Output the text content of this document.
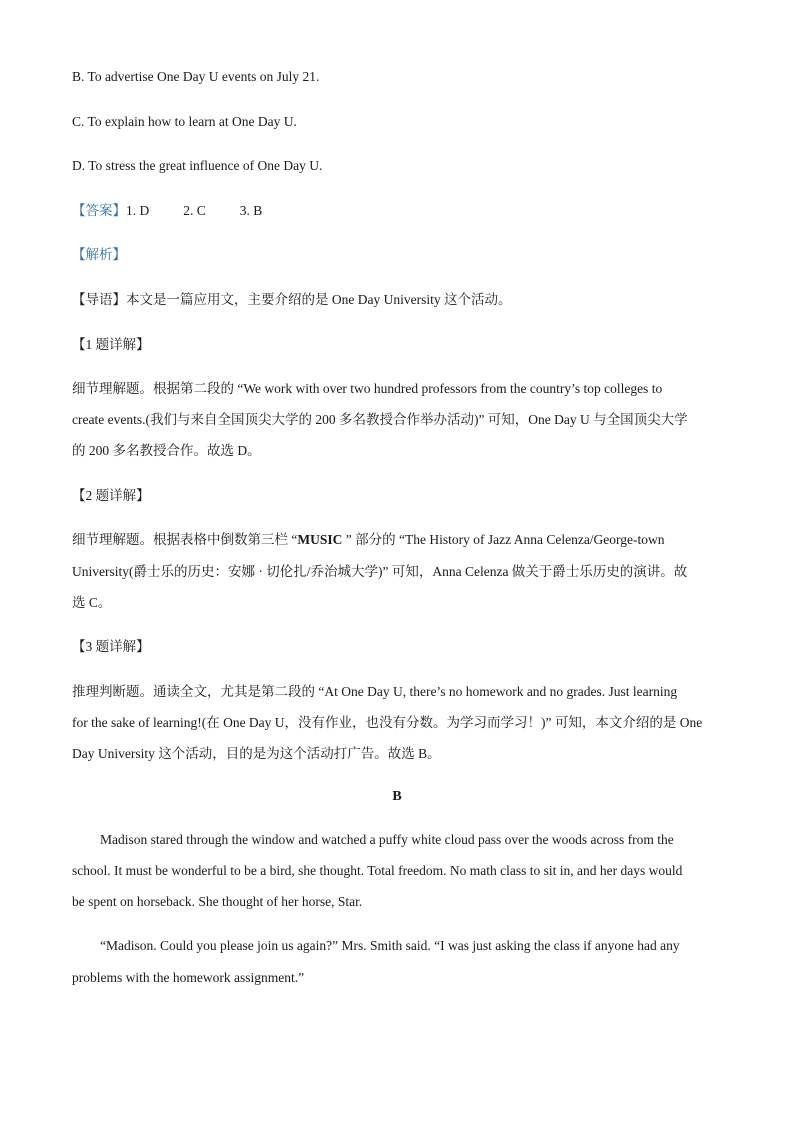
B. To advertise One Day U events on July 21.
C. To explain how to learn at One Day U.
D. To stress the great influence of One Day U.
【答案】1. D	2. C	3. B
【解析】
【导语】本文是一篇应用文，主要介绍的是 One Day University 这个活动。
【1 题详解】
细节理解题。根据第二段的 “We work with over two hundred professors from the country’s top colleges to
create events.(我们与来自全国顶尖大学的 200 多名教授合作举办活动)” 可知，One Day U 与全国顶尖大学
的 200 多名教授合作。故选 D。
【2 题详解】
细节理解题。根据表格中倒数第三栏 “MUSIC ” 部分的 “The History of Jazz Anna Celenza/George-town
University(爵士乐的历史：安娜 · 切伦扎/乔治城大学)” 可知，Anna Celenza 做关于爵士乐历史的演讲。故
选 C。
【3 题详解】
推理判断题。通读全文，尤其是第二段的 “At One Day U, there’s no homework and no grades. Just learning
for the sake of learning!(在 One Day U，没有作业，也没有分数。为学习而学习！)” 可知，本文介绍的是 One
Day University 这个活动，目的是为这个活动打广告。故选 B。
B
Madison stared through the window and watched a puffy white cloud pass over the woods across from the
school. It must be wonderful to be a bird, she thought. Total freedom. No math class to sit in, and her days would
be spent on horseback. She thought of her horse, Star.
“Madison. Could you please join us again?” Mrs. Smith said. “I was just asking the class if anyone had any
problems with the homework assignment.”
